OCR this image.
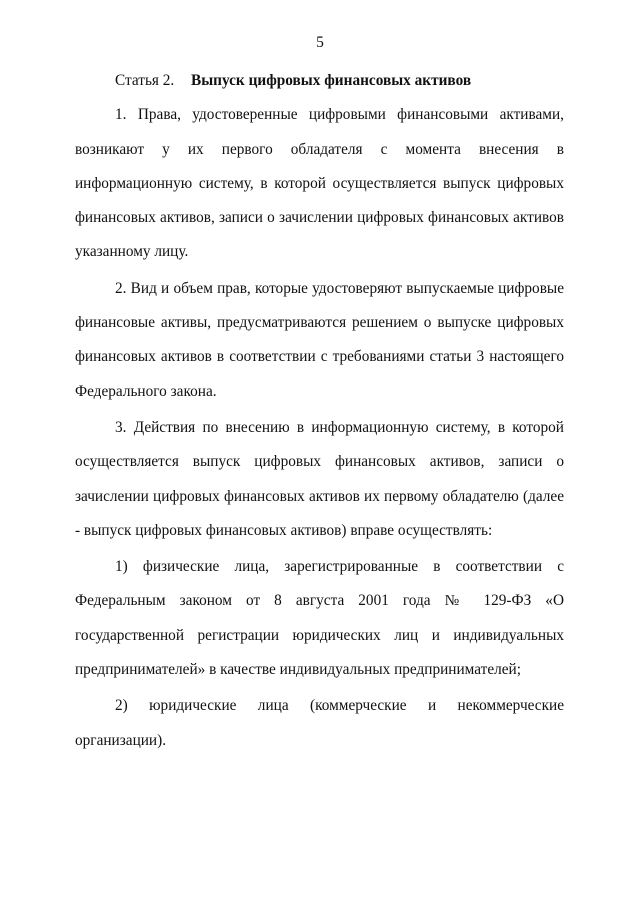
5

Статья 2. Выпуск цифровых финансовых активов

1. Права, удостоверенные цифровыми финансовыми активами, возникают у их первого обладателя с момента внесения в информационную систему, в которой осуществляется выпуск цифровых финансовых активов, записи о зачислении цифровых финансовых активов указанному лицу.

2. Вид и объем прав, которые удостоверяют выпускаемые цифровые финансовые активы, предусматриваются решением о выпуске цифровых финансовых активов в соответствии с требованиями статьи 3 настоящего Федерального закона.

3. Действия по внесению в информационную систему, в которой осуществляется выпуск цифровых финансовых активов, записи о зачислении цифровых финансовых активов их первому обладателю (далее - выпуск цифровых финансовых активов) вправе осуществлять:

1) физические лица, зарегистрированные в соответствии с Федеральным законом от 8 августа 2001 года № 129-ФЗ «О государственной регистрации юридических лиц и индивидуальных предпринимателей» в качестве индивидуальных предпринимателей;

2) юридические лица (коммерческие и некоммерческие организации).
